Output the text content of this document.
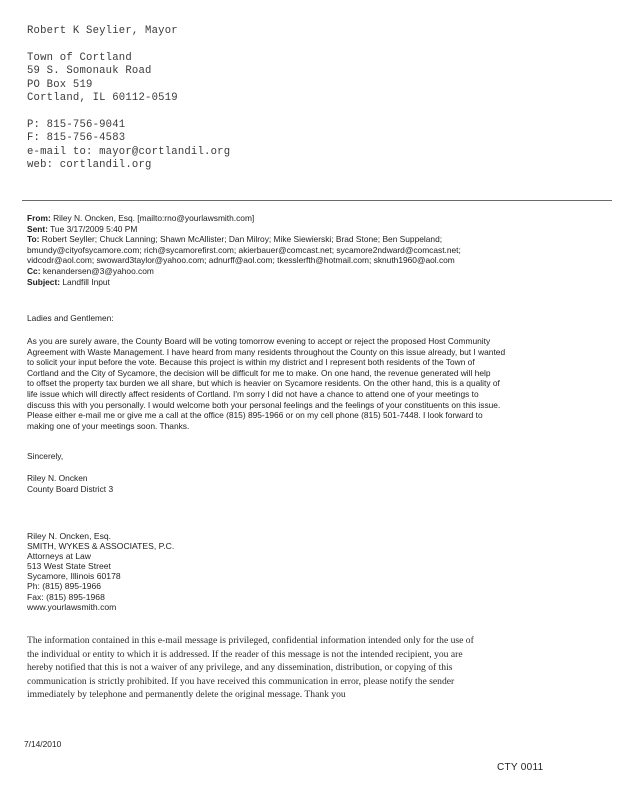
Robert K Seylier, Mayor

Town of Cortland
59 S. Somonauk Road
PO Box 519
Cortland, IL 60112-0519

P: 815-756-9041
F: 815-756-4583
e-mail to: mayor@cortlandil.org
web: cortlandil.org
From: Riley N. Oncken, Esq. [mailto:rno@yourlawsmith.com]
Sent: Tue 3/17/2009 5:40 PM
To: Robert Seyller; Chuck Lanning; Shawn McAllister; Dan Milroy; Mike Siewierski; Brad Stone; Ben Suppeland;
bmundy@cityofsycamore.com; rich@sycamorefirst.com; akierbauer@comcast.net; sycamore2ndward@comcast.net;
vidcodr@aol.com; swoward3taylor@yahoo.com; adnurff@aol.com; tkesslerfth@hotmail.com; sknuth1960@aol.com
Cc: kenandersen@3@yahoo.com
Subject: Landfill Input
Ladies and Gentlemen:
As you are surely aware, the County Board will be voting tomorrow evening to accept or reject the proposed Host Community
Agreement with Waste Management. I have heard from many residents throughout the County on this issue already, but I wanted
to solicit your input before the vote. Because this project is within my district and I represent both residents of the Town of
Cortland and the City of Sycamore, the decision will be difficult for me to make. On one hand, the revenue generated will help
to offset the property tax burden we all share, but which is heavier on Sycamore residents. On the other hand, this is a quality of
life issue which will directly affect residents of Cortland. I'm sorry I did not have a chance to attend one of your meetings to
discuss this with you personally. I would welcome both your personal feelings and the feelings of your constituents on this issue.
Please either e-mail me or give me a call at the office (815) 895-1966 or on my cell phone (815) 501-7448. I look forward to
making one of your meetings soon. Thanks.
Sincerely,
Riley N. Oncken
County Board District 3
Riley N. Oncken, Esq.
SMITH, WYKES & ASSOCIATES, P.C.
Attorneys at Law
513 West State Street
Sycamore, Illinois 60178
Ph: (815) 895-1966
Fax: (815) 895-1968
www.yourlawsmith.com
The information contained in this e-mail message is privileged, confidential information intended only for the use of
the individual or entity to which it is addressed. If the reader of this message is not the intended recipient, you are
hereby notified that this is not a waiver of any privilege, and any dissemination, distribution, or copying of this
communication is strictly prohibited. If you have received this communication in error, please notify the sender
immediately by telephone and permanently delete the original message. Thank you
7/14/2010
CTY 0011
